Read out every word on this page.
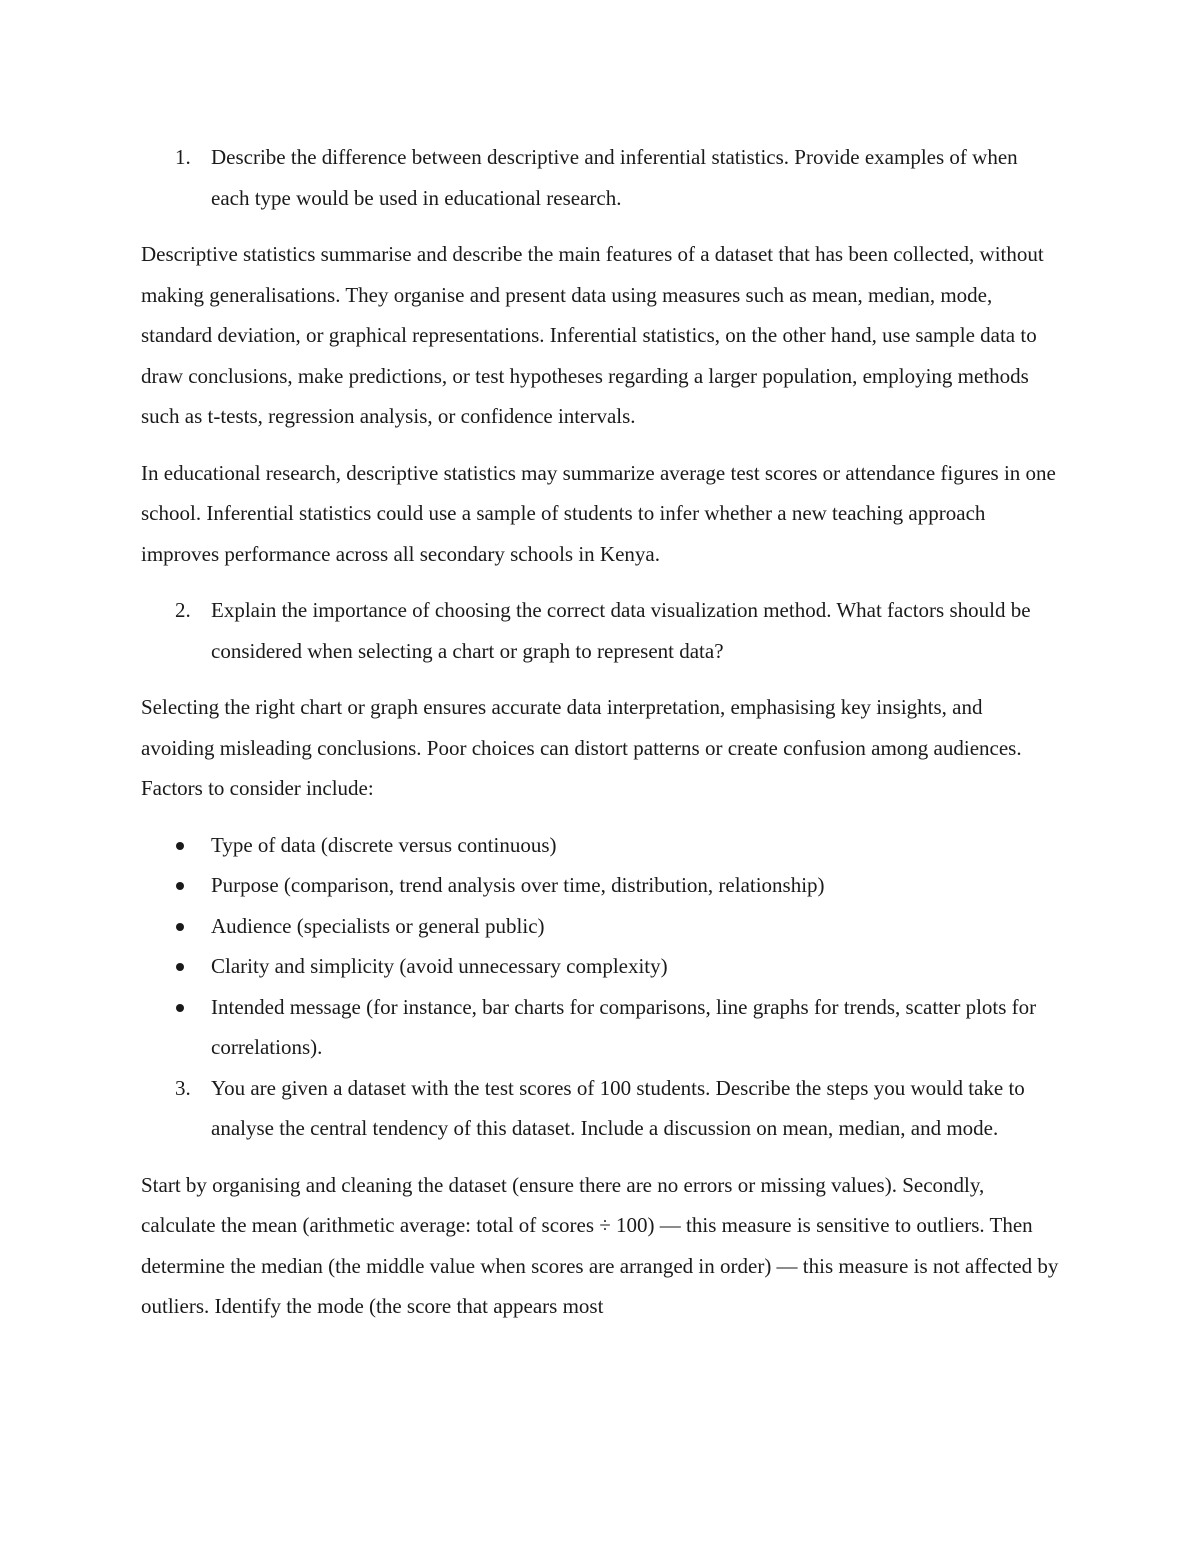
1. Describe the difference between descriptive and inferential statistics. Provide examples of when each type would be used in educational research.

Descriptive statistics summarise and describe the main features of a dataset that has been collected, without making generalisations. They organise and present data using measures such as mean, median, mode, standard deviation, or graphical representations. Inferential statistics, on the other hand, use sample data to draw conclusions, make predictions, or test hypotheses regarding a larger population, employing methods such as t-tests, regression analysis, or confidence intervals.

In educational research, descriptive statistics may summarize average test scores or attendance figures in one school. Inferential statistics could use a sample of students to infer whether a new teaching approach improves performance across all secondary schools in Kenya.

2. Explain the importance of choosing the correct data visualization method. What factors should be considered when selecting a chart or graph to represent data?

Selecting the right chart or graph ensures accurate data interpretation, emphasising key insights, and avoiding misleading conclusions. Poor choices can distort patterns or create confusion among audiences. Factors to consider include:

Type of data (discrete versus continuous)
Purpose (comparison, trend analysis over time, distribution, relationship)
Audience (specialists or general public)
Clarity and simplicity (avoid unnecessary complexity)
Intended message (for instance, bar charts for comparisons, line graphs for trends, scatter plots for correlations).
3. You are given a dataset with the test scores of 100 students. Describe the steps you would take to analyse the central tendency of this dataset. Include a discussion on mean, median, and mode.

Start by organising and cleaning the dataset (ensure there are no errors or missing values). Secondly, calculate the mean (arithmetic average: total of scores ÷ 100) — this measure is sensitive to outliers. Then determine the median (the middle value when scores are arranged in order) — this measure is not affected by outliers. Identify the mode (the score that appears most
